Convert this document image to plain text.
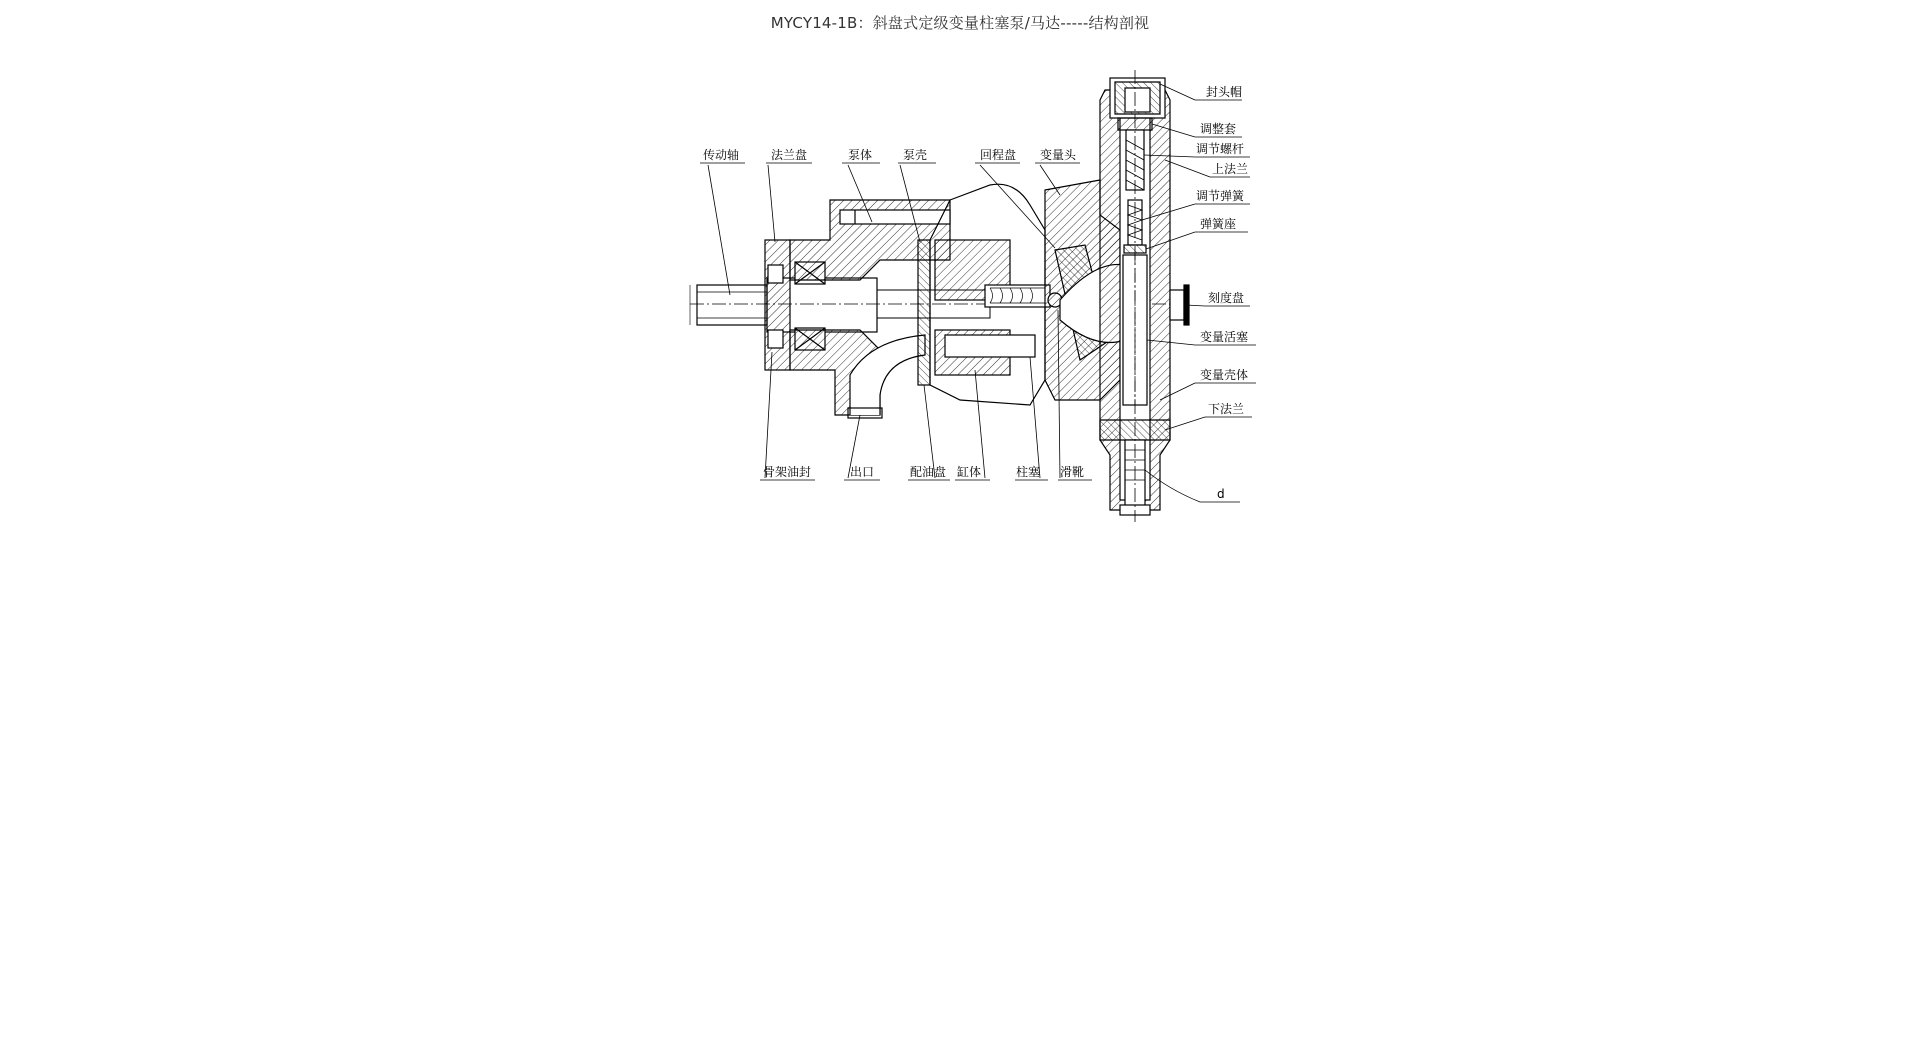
MYCY14-1B：斜盘式定级变量柱塞泵/马达-----结构剖视
传动轴	法兰盘	泵体	泵壳	回程盘 变量头
封头帽
调整套
调节螺杆
上法兰
调节弹簧
弹簧座
刻度盘
变量活塞
变量壳体
下法兰
d
骨架油封	出口	配油盘 缸体	柱塞 滑靴
